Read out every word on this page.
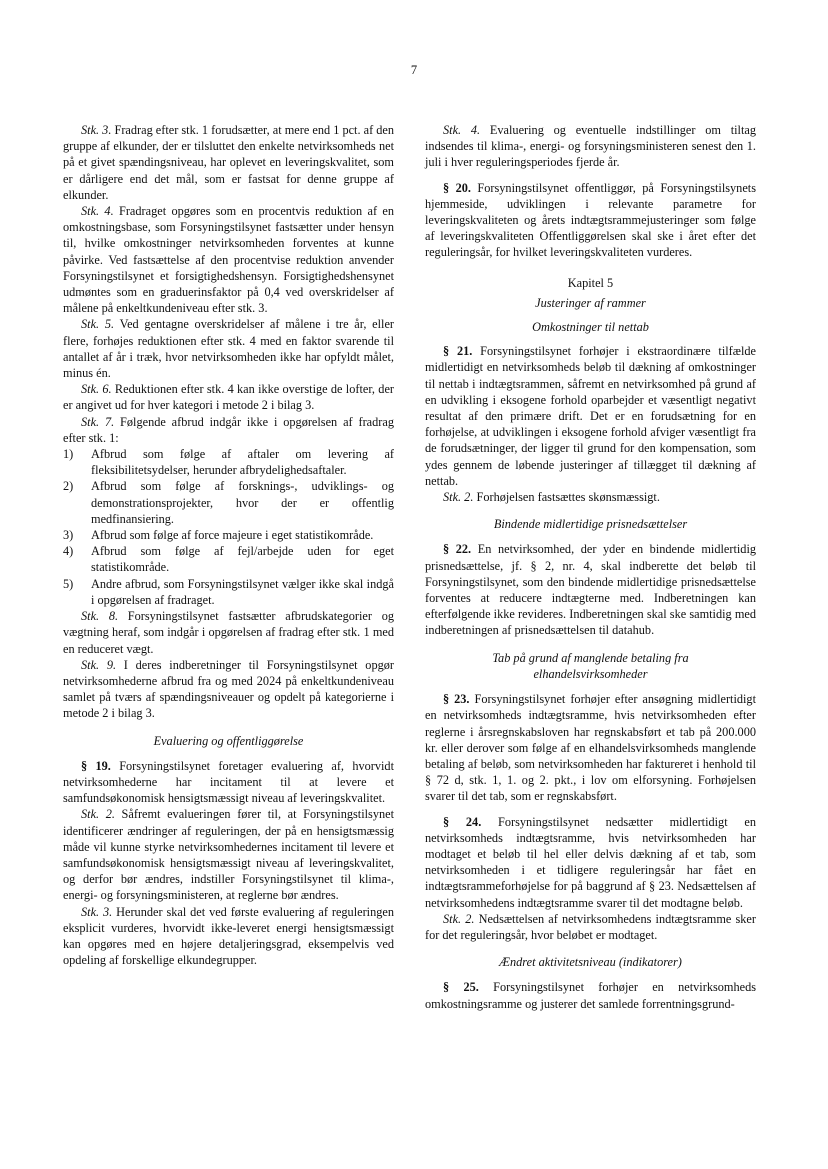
7

Stk. 3. Fradrag efter stk. 1 forudsætter, at mere end 1 pct. af den gruppe af elkunder, der er tilsluttet den enkelte netvirksomheds net på et givet spændingsniveau, har oplevet en leveringskvalitet, som er dårligere end det mål, som er fastsat for denne gruppe af elkunder.

Stk. 4. Fradraget opgøres som en procentvis reduktion af en omkostningsbase, som Forsyningstilsynet fastsætter under hensyn til, hvilke omkostninger netvirksomheden forventes at kunne påvirke. Ved fastsættelse af den procentvise reduktion anvender Forsyningstilsynet et forsigtighedshensyn. Forsigtighedshensynet udmøntes som en graduerinsfaktor på 0,4 ved overskridelser af målene på enkeltkundeniveau efter stk. 3.

Stk. 5. Ved gentagne overskridelser af målene i tre år, eller flere, forhøjes reduktionen efter stk. 4 med en faktor svarende til antallet af år i træk, hvor netvirksomheden ikke har opfyldt målet, minus én.

Stk. 6. Reduktionen efter stk. 4 kan ikke overstige de lofter, der er angivet ud for hver kategori i metode 2 i bilag 3.

Stk. 7. Følgende afbrud indgår ikke i opgørelsen af fradrag efter stk. 1:

1) Afbrud som følge af aftaler om levering af fleksibilitetsydelser, herunder afbrydelighedsaftaler.
2) Afbrud som følge af forsknings-, udviklings- og demonstrationsprojekter, hvor der er offentlig medfinansiering.
3) Afbrud som følge af force majeure i eget statistikområde.
4) Afbrud som følge af fejl/arbejde uden for eget statistikområde.
5) Andre afbrud, som Forsyningstilsynet vælger ikke skal indgå i opgørelsen af fradraget.

Stk. 8. Forsyningstilsynet fastsætter afbrudskategorier og vægtning heraf, som indgår i opgørelsen af fradrag efter stk. 1 med en reduceret vægt.

Stk. 9. I deres indberetninger til Forsyningstilsynet opgør netvirksomhederne afbrud fra og med 2024 på enkeltkundeniveau samlet på tværs af spændingsniveauer og opdelt på kategorierne i metode 2 i bilag 3.

Evaluering og offentliggørelse

§ 19. Forsyningstilsynet foretager evaluering af, hvorvidt netvirksomhederne har incitament til at levere et samfundsøkonomisk hensigtsmæssigt niveau af leveringskvalitet.

Stk. 2. Såfremt evalueringen fører til, at Forsyningstilsynet identificerer ændringer af reguleringen, der på en hensigtsmæssig måde vil kunne styrke netvirksomhedernes incitament til levere et samfundsøkonomisk hensigtsmæssigt niveau af leveringskvalitet, og derfor bør ændres, indstiller Forsyningstilsynet til klima-, energi- og forsyningsministeren, at reglerne bør ændres.

Stk. 3. Herunder skal det ved første evaluering af reguleringen eksplicit vurderes, hvorvidt ikke-leveret energi hensigtsmæssigt kan opgøres med en højere detaljeringsgrad, eksempelvis ved opdeling af forskellige elkundegrupper.

Stk. 4. Evaluering og eventuelle indstillinger om tiltag indsendes til klima-, energi- og forsyningsministeren senest den 1. juli i hver reguleringsperiodes fjerde år.

§ 20. Forsyningstilsynet offentliggør, på Forsyningstilsynets hjemmeside, udviklingen i relevante parametre for leveringskvaliteten og årets indtægtsrammejusteringer som følge af leveringskvaliteten Offentliggørelsen skal ske i året efter det reguleringsår, for hvilket leveringskvaliteten vurderes.

Kapitel 5

Justeringer af rammer

Omkostninger til nettab

§ 21. Forsyningstilsynet forhøjer i ekstraordinære tilfælde midlertidigt en netvirksomheds beløb til dækning af omkostninger til nettab i indtægtsrammen, såfremt en netvirksomhed på grund af en udvikling i eksogene forhold oparbejder et væsentligt negativt resultat af den primære drift. Det er en forudsætning for en forhøjelse, at udviklingen i eksogene forhold afviger væsentligt fra de forudsætninger, der ligger til grund for den kompensation, som ydes gennem de løbende justeringer af tillægget til dækning af nettab.

Stk. 2. Forhøjelsen fastsættes skønsmæssigt.

Bindende midlertidige prisnedsættelser

§ 22. En netvirksomhed, der yder en bindende midlertidig prisnedsættelse, jf. § 2, nr. 4, skal indberette det beløb til Forsyningstilsynet, som den bindende midlertidige prisnedsættelse forventes at reducere indtægterne med. Indberetningen kan efterfølgende ikke revideres. Indberetningen skal ske samtidig med indberetningen af prisnedsættelsen til datahub.

Tab på grund af manglende betaling fra
elhandelsvirksomheder

§ 23. Forsyningstilsynet forhøjer efter ansøgning midlertidigt en netvirksomheds indtægtsramme, hvis netvirksomheden efter reglerne i årsregnskabsloven har regnskabsført et tab på 200.000 kr. eller derover som følge af en elhandelsvirksomheds manglende betaling af beløb, som netvirksomheden har faktureret i henhold til § 72 d, stk. 1, 1. og 2. pkt., i lov om elforsyning. Forhøjelsen svarer til det tab, som er regnskabsført.

§ 24. Forsyningstilsynet nedsætter midlertidigt en netvirksomheds indtægtsramme, hvis netvirksomheden har modtaget et beløb til hel eller delvis dækning af et tab, som netvirksomheden i et tidligere reguleringsår har fået en indtægtsrammeforhøjelse for på baggrund af § 23. Nedsættelsen af netvirksomhedens indtægtsramme svarer til det modtagne beløb.

Stk. 2. Nedsættelsen af netvirksomhedens indtægtsramme sker for det reguleringsår, hvor beløbet er modtaget.

Ændret aktivitetsniveau (indikatorer)

§ 25. Forsyningstilsynet forhøjer en netvirksomheds omkostningsramme og justerer det samlede forrentningsgrund-
